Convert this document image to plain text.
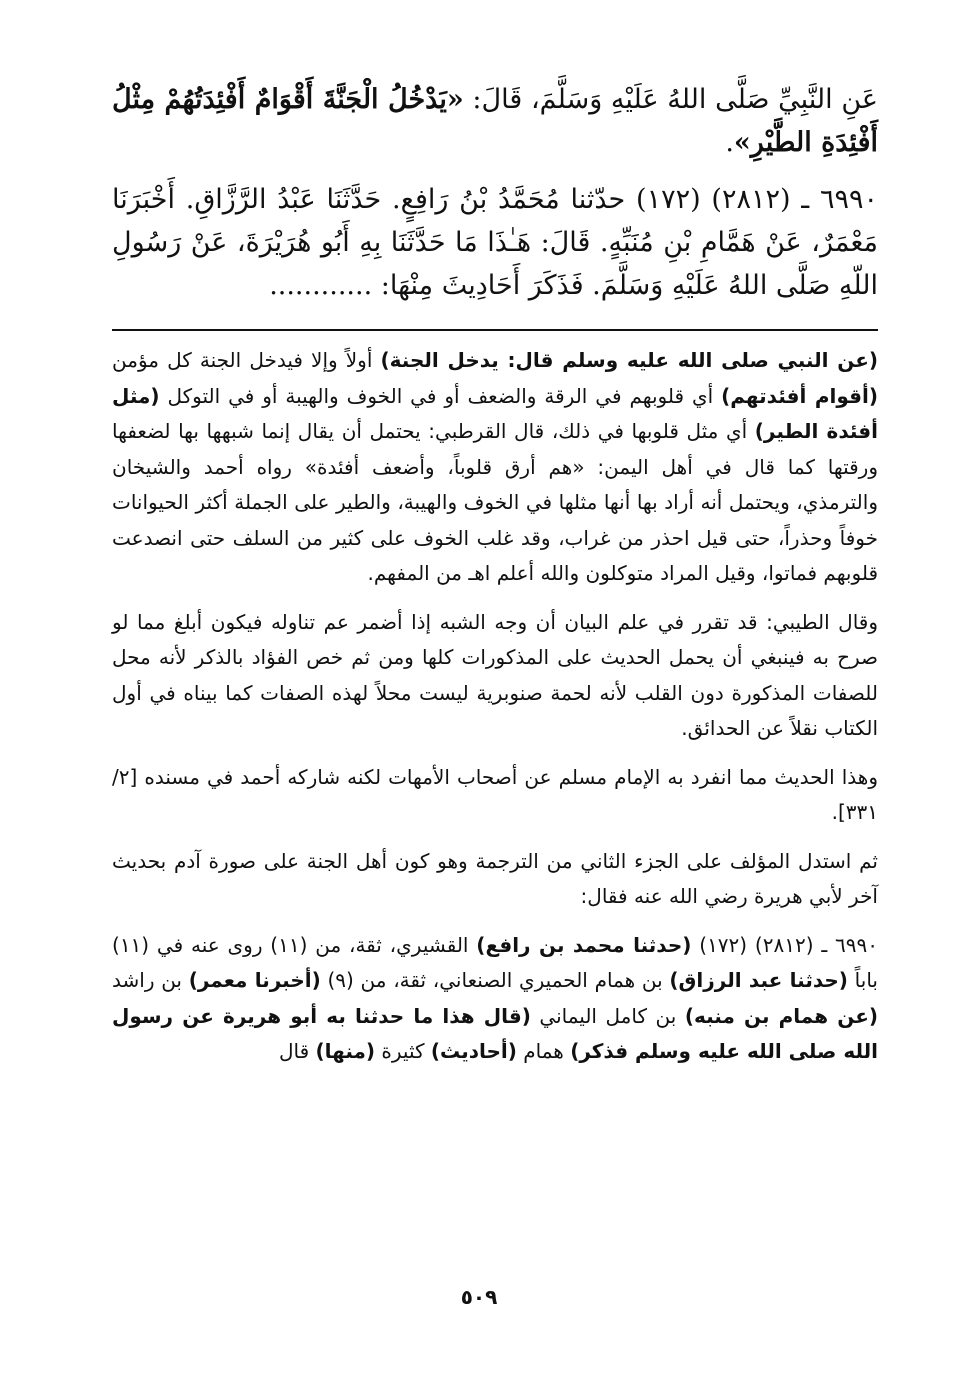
عَنِ النَّبِيِّ صَلَّى اللهُ عَلَيْهِ وَسَلَّمَ، قَالَ: «يَدْخُلُ الْجَنَّةَ أَقْوَامٌ أَفْئِدَتُهُمْ مِثْلُ أَفْئِدَةِ الطَّيْرِ».

٦٩٩٠ ـ (٢٨١٢) (١٧٢) حدّثنا مُحَمَّدُ بْنُ رَافِعٍ. حَدَّثَنَا عَبْدُ الرَّزَّاقِ. أَخْبَرَنَا مَعْمَرٌ، عَنْ هَمَّامِ بْنِ مُنَبِّهٍ. قَالَ: هَـٰذَا مَا حَدَّثَنَا بِهِ أَبُو هُرَيْرَةَ، عَنْ رَسُولِ اللّهِ صَلَّى اللهُ عَلَيْهِ وَسَلَّمَ. فَذَكَرَ أَحَادِيثَ مِنْهَا: ............

(عن النبي صلى الله عليه وسلم قال: يدخل الجنة) أولاً وإلا فيدخل الجنة كل مؤمن (أقوام أفئدتهم) أي قلوبهم في الرقة والضعف أو في الخوف والهيبة أو في التوكل (مثل أفئدة الطير) أي مثل قلوبها في ذلك، قال القرطبي: يحتمل أن يقال إنما شبهها بها لضعفها ورقتها كما قال في أهل اليمن: «هم أرق قلوباً، وأضعف أفئدة» رواه أحمد والشيخان والترمذي، ويحتمل أنه أراد بها أنها مثلها في الخوف والهيبة، والطير على الجملة أكثر الحيوانات خوفاً وحذراً، حتى قيل احذر من غراب، وقد غلب الخوف على كثير من السلف حتى انصدعت قلوبهم فماتوا، وقيل المراد متوكلون والله أعلم اهـ من المفهم.

وقال الطيبي: قد تقرر في علم البيان أن وجه الشبه إذا أضمر عم تناوله فيكون أبلغ مما لو صرح به فينبغي أن يحمل الحديث على المذكورات كلها ومن ثم خص الفؤاد بالذكر لأنه محل للصفات المذكورة دون القلب لأنه لحمة صنوبرية ليست محلاً لهذه الصفات كما بيناه في أول الكتاب نقلاً عن الحدائق.

وهذا الحديث مما انفرد به الإمام مسلم عن أصحاب الأمهات لكنه شاركه أحمد في مسنده [٢/ ٣٣١].

ثم استدل المؤلف على الجزء الثاني من الترجمة وهو كون أهل الجنة على صورة آدم بحديث آخر لأبي هريرة رضي الله عنه فقال:

٦٩٩٠ ـ (٢٨١٢) (١٧٢) (حدثنا محمد بن رافع) القشيري، ثقة، من (١١) روى عنه في (١١) باباً (حدثنا عبد الرزاق) بن همام الحميري الصنعاني، ثقة، من (٩) (أخبرنا معمر) بن راشد (عن همام بن منبه) بن كامل اليماني (قال هذا ما حدثنا به أبو هريرة عن رسول الله صلى الله عليه وسلم فذكر) همام (أحاديث) كثيرة (منها) قال

٥٠٩
